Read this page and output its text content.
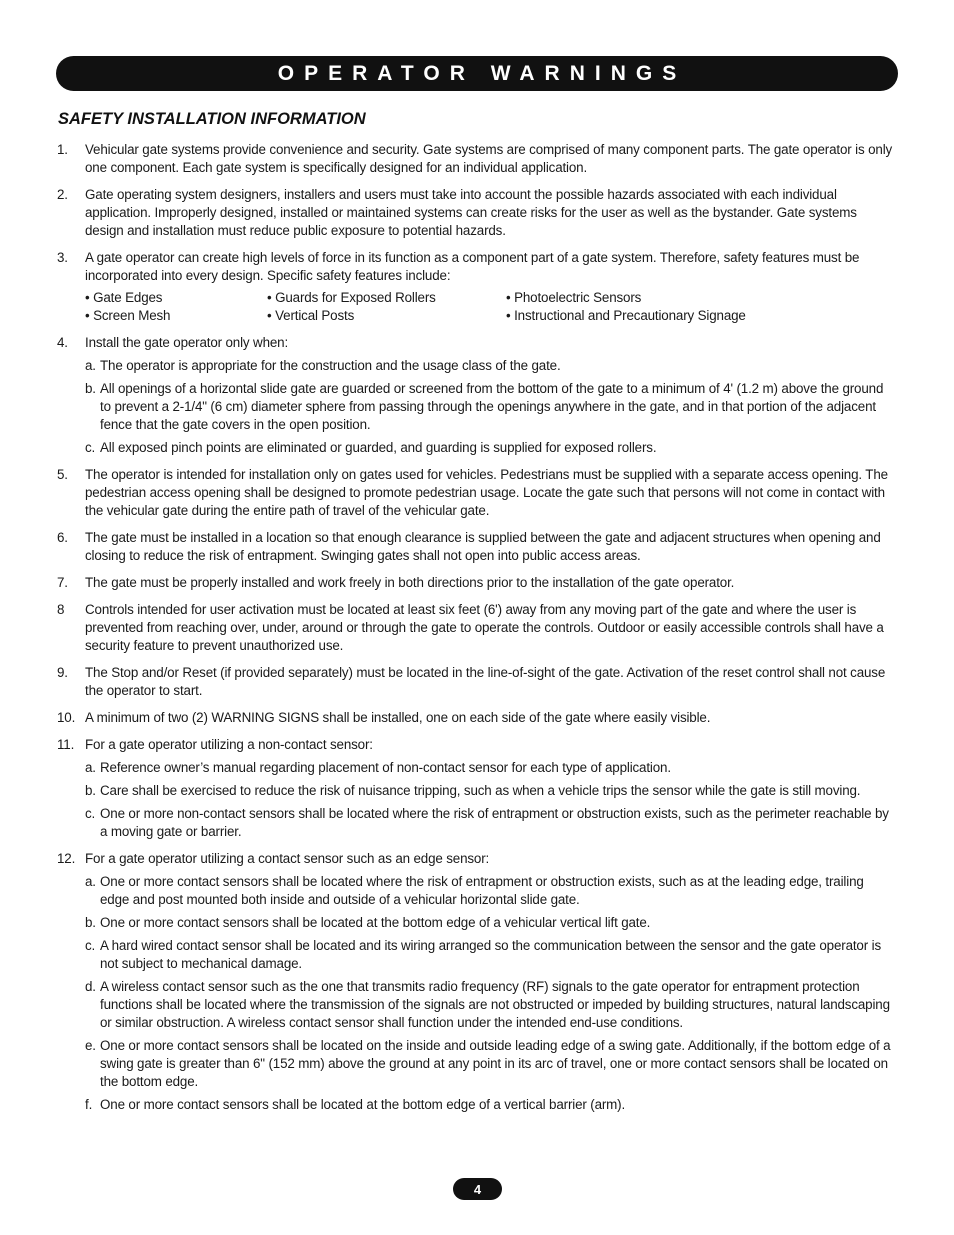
OPERATOR WARNINGS
SAFETY INSTALLATION INFORMATION
1. Vehicular gate systems provide convenience and security. Gate systems are comprised of many component parts. The gate operator is only one component. Each gate system is specifically designed for an individual application.
2. Gate operating system designers, installers and users must take into account the possible hazards associated with each individual application. Improperly designed, installed or maintained systems can create risks for the user as well as the bystander. Gate systems design and installation must reduce public exposure to potential hazards.
3. A gate operator can create high levels of force in its function as a component part of a gate system. Therefore, safety features must be incorporated into every design. Specific safety features include:
• Gate Edges	• Guards for Exposed Rollers	• Photoelectric Sensors
• Screen Mesh	• Vertical Posts	• Instructional and Precautionary Signage
4. Install the gate operator only when:
a. The operator is appropriate for the construction and the usage class of the gate.
b. All openings of a horizontal slide gate are guarded or screened from the bottom of the gate to a minimum of 4' (1.2 m) above the ground to prevent a 2-1/4" (6 cm) diameter sphere from passing through the openings anywhere in the gate, and in that portion of the adjacent fence that the gate covers in the open position.
c. All exposed pinch points are eliminated or guarded, and guarding is supplied for exposed rollers.
5. The operator is intended for installation only on gates used for vehicles. Pedestrians must be supplied with a separate access opening. The pedestrian access opening shall be designed to promote pedestrian usage. Locate the gate such that persons will not come in contact with the vehicular gate during the entire path of travel of the vehicular gate.
6. The gate must be installed in a location so that enough clearance is supplied between the gate and adjacent structures when opening and closing to reduce the risk of entrapment. Swinging gates shall not open into public access areas.
7. The gate must be properly installed and work freely in both directions prior to the installation of the gate operator.
8 Controls intended for user activation must be located at least six feet (6') away from any moving part of the gate and where the user is prevented from reaching over, under, around or through the gate to operate the controls. Outdoor or easily accessible controls shall have a security feature to prevent unauthorized use.
9. The Stop and/or Reset (if provided separately) must be located in the line-of-sight of the gate. Activation of the reset control shall not cause the operator to start.
10. A minimum of two (2) WARNING SIGNS shall be installed, one on each side of the gate where easily visible.
11. For a gate operator utilizing a non-contact sensor:
a. Reference owner’s manual regarding placement of non-contact sensor for each type of application.
b. Care shall be exercised to reduce the risk of nuisance tripping, such as when a vehicle trips the sensor while the gate is still moving.
c. One or more non-contact sensors shall be located where the risk of entrapment or obstruction exists, such as the perimeter reachable by a moving gate or barrier.
12. For a gate operator utilizing a contact sensor such as an edge sensor:
a. One or more contact sensors shall be located where the risk of entrapment or obstruction exists, such as at the leading edge, trailing edge and post mounted both inside and outside of a vehicular horizontal slide gate.
b. One or more contact sensors shall be located at the bottom edge of a vehicular vertical lift gate.
c. A hard wired contact sensor shall be located and its wiring arranged so the communication between the sensor and the gate operator is not subject to mechanical damage.
d. A wireless contact sensor such as the one that transmits radio frequency (RF) signals to the gate operator for entrapment protection functions shall be located where the transmission of the signals are not obstructed or impeded by building structures, natural landscaping or similar obstruction. A wireless contact sensor shall function under the intended end-use conditions.
e. One or more contact sensors shall be located on the inside and outside leading edge of a swing gate. Additionally, if the bottom edge of a swing gate is greater than 6" (152 mm) above the ground at any point in its arc of travel, one or more contact sensors shall be located on the bottom edge.
f. One or more contact sensors shall be located at the bottom edge of a vertical barrier (arm).
4
